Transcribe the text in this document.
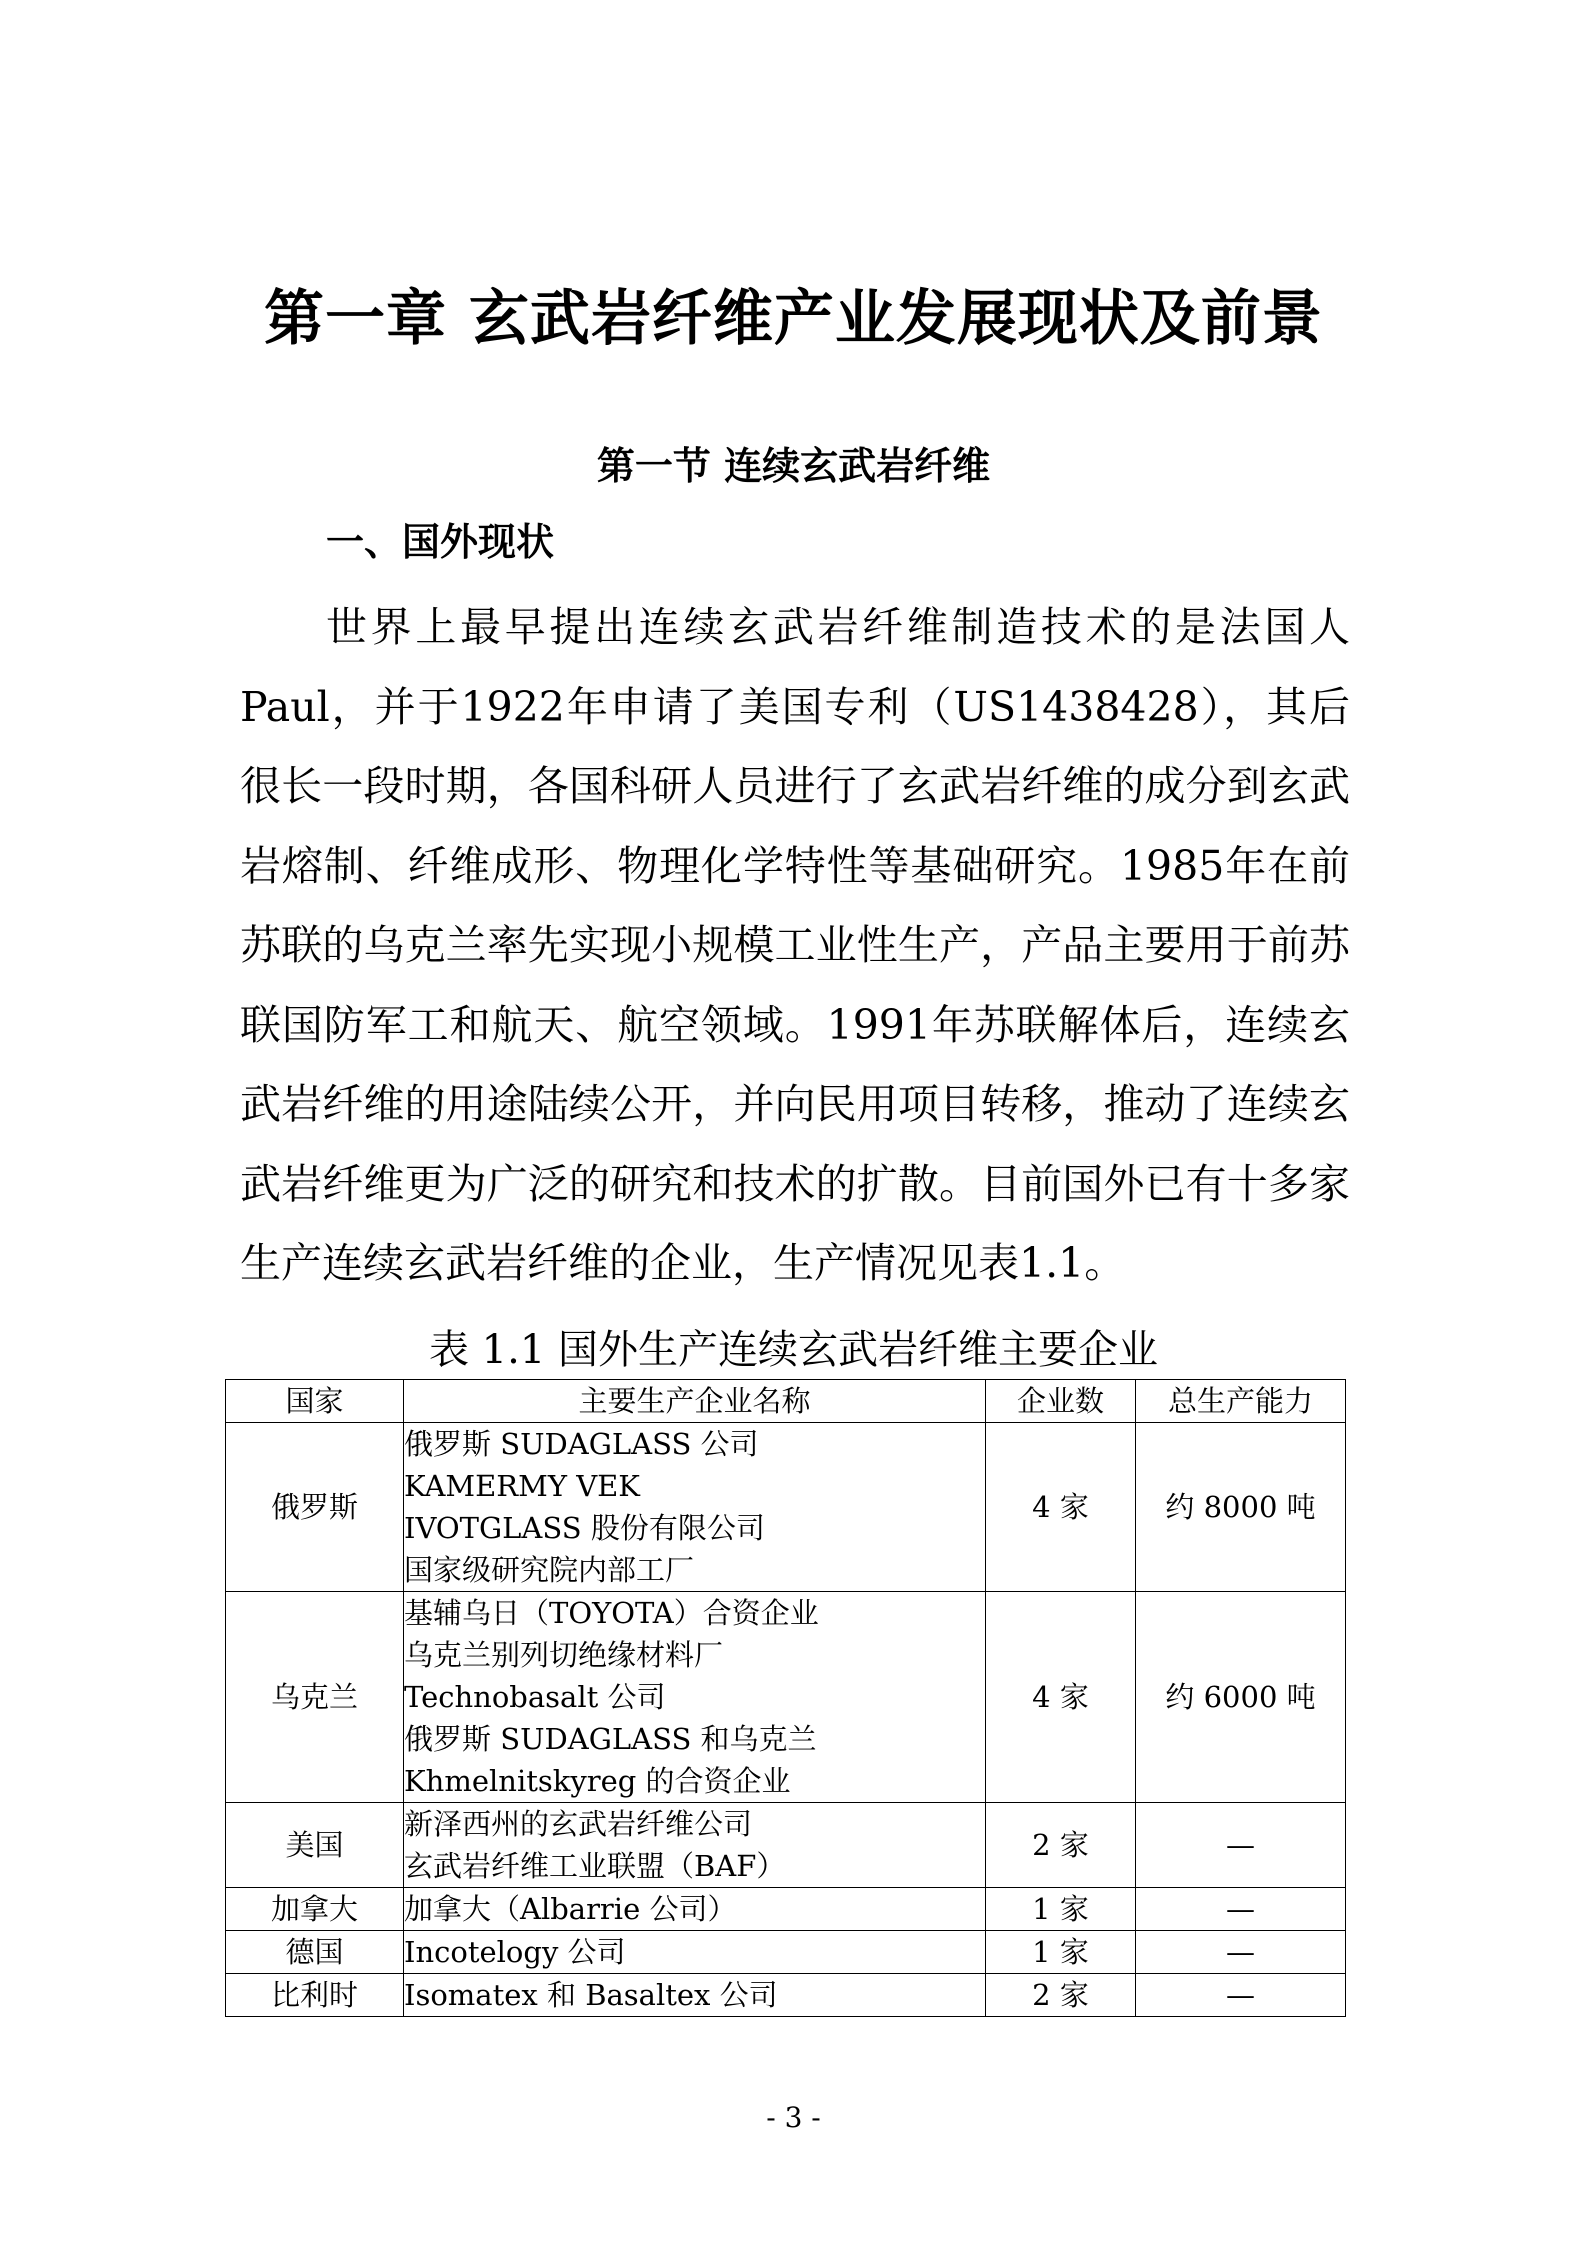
第一章 玄武岩纤维产业发展现状及前景
第一节 连续玄武岩纤维
一、国外现状

世界上最早提出连续玄武岩纤维制造技术的是法国人Paul，并于1922年申请了美国专利（US1438428），其后很长一段时期，各国科研人员进行了玄武岩纤维的成分到玄武岩熔制、纤维成形、物理化学特性等基础研究。1985年在前苏联的乌克兰率先实现小规模工业性生产，产品主要用于前苏联国防军工和航天、航空领域。1991年苏联解体后，连续玄武岩纤维的用途陆续公开，并向民用项目转移，推动了连续玄武岩纤维更为广泛的研究和技术的扩散。目前国外已有十多家生产连续玄武岩纤维的企业，生产情况见表1.1。

表 1.1 国外生产连续玄武岩纤维主要企业
国家	主要生产企业名称	企业数	总生产能力
俄罗斯	俄罗斯 SUDAGLASS 公司
KAMERMY VEK
IVOTGLASS 股份有限公司
国家级研究院内部工厂	4 家	约 8000 吨
乌克兰	基辅乌日（TOYOTA）合资企业
乌克兰别列切绝缘材料厂
Technobasalt 公司
俄罗斯 SUDAGLASS 和乌克兰
Khmelnitskyreg 的合资企业	4 家	约 6000 吨
美国	新泽西州的玄武岩纤维公司
玄武岩纤维工业联盟（BAF）	2 家	—
加拿大	加拿大（Albarrie 公司）	1 家	—
德国	Incotelogy 公司	1 家	—
比利时	Isomatex 和 Basaltex 公司	2 家	—
- 3 -
